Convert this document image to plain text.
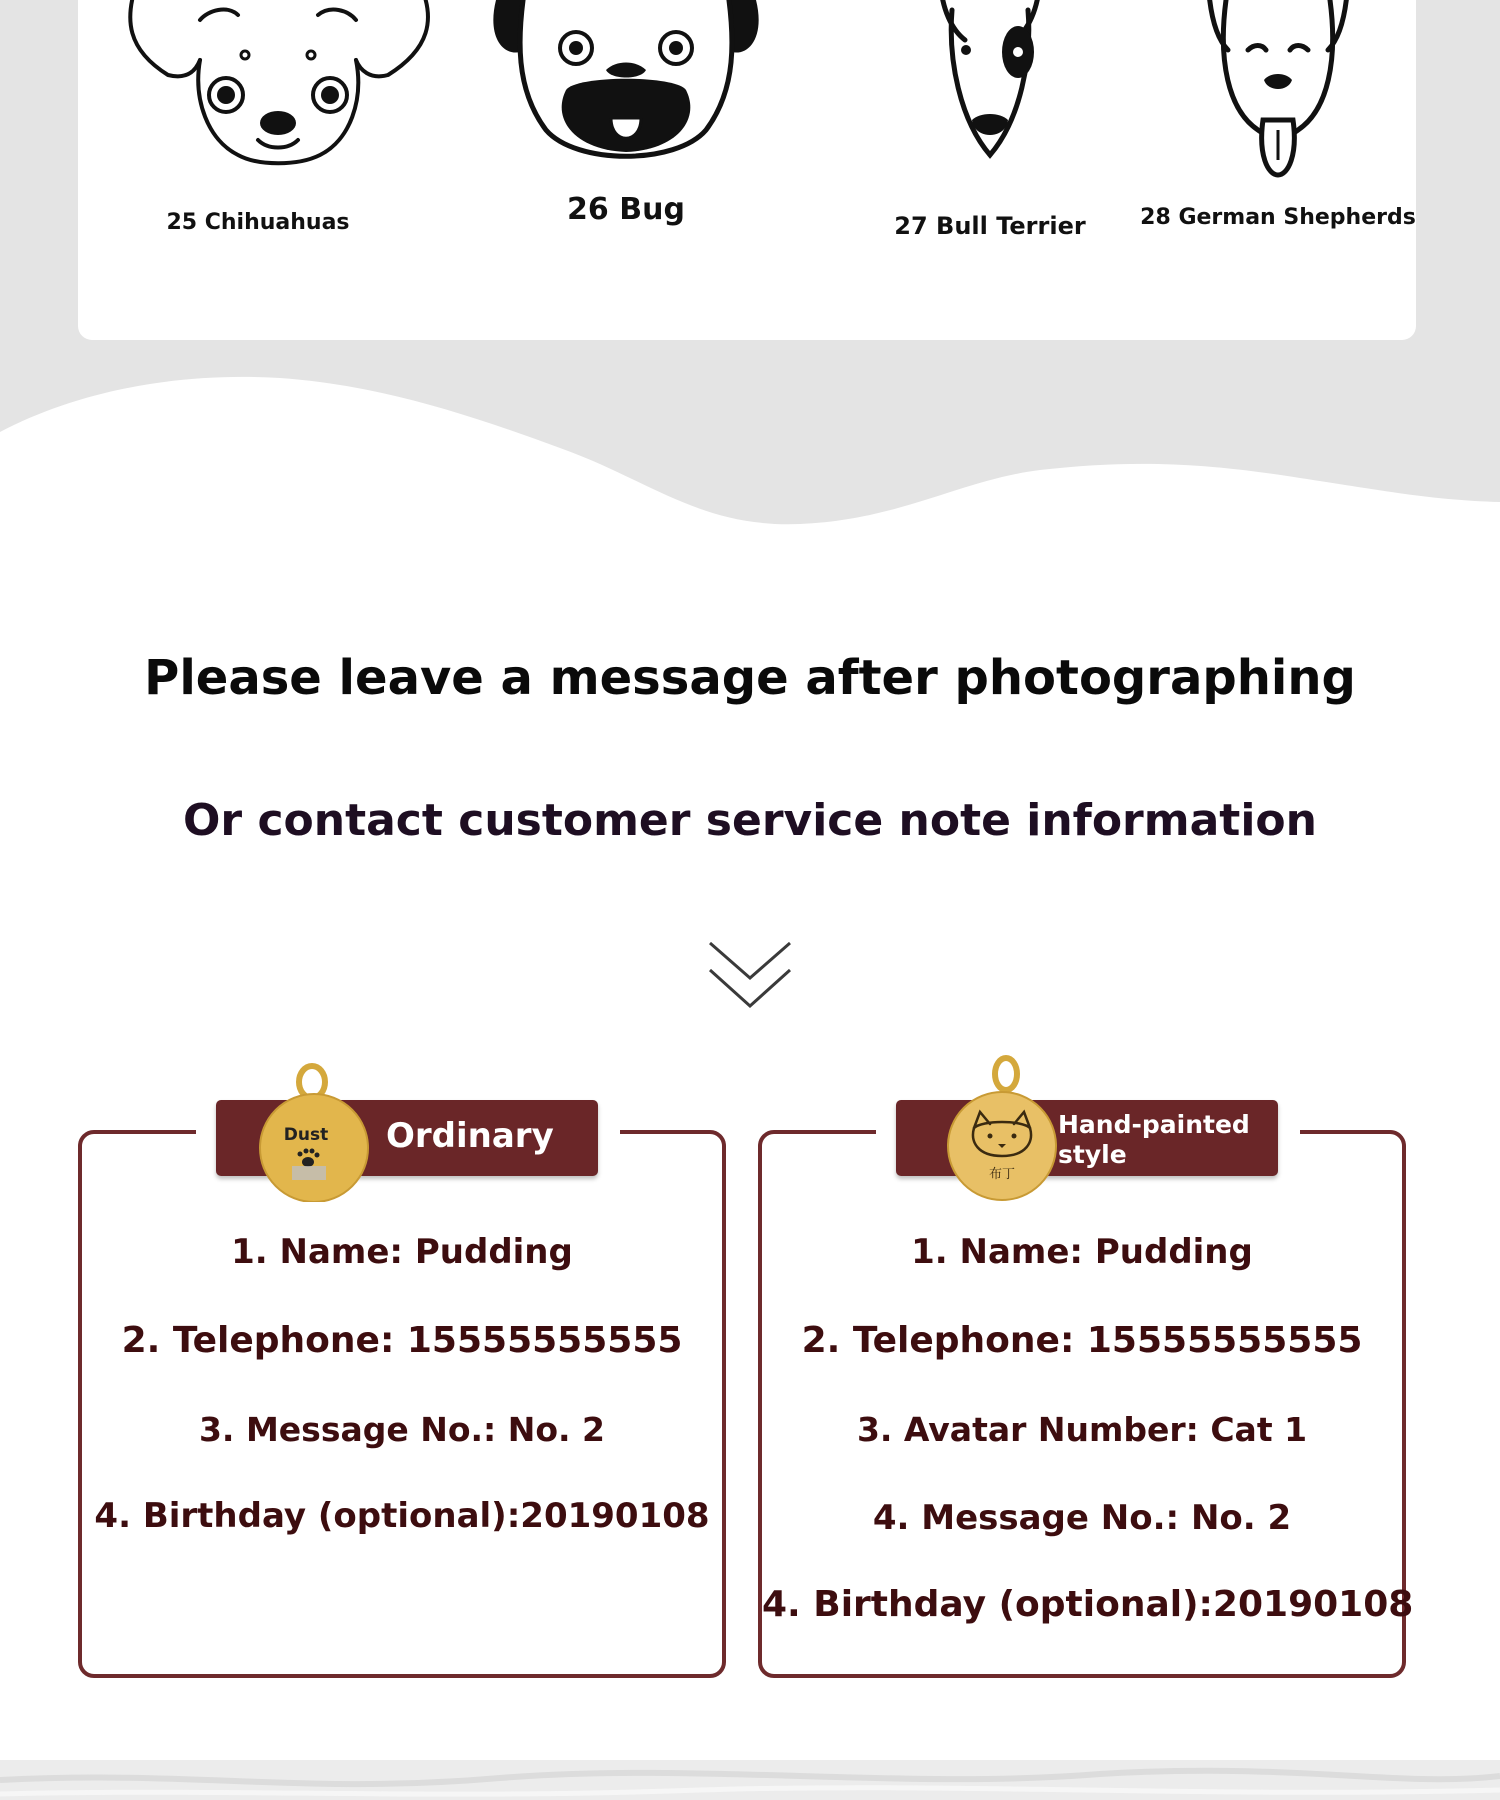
25 Chihuahuas	26 Bug	27 Bull Terrier	28 German Shepherds
Please leave a message after photographing
Or contact customer service note information
1. Name: Pudding
2. Telephone: 15555555555
3. Message No.: No. 2
4. Birthday (optional):20190108
Ordinary
Dust
1. Name: Pudding
2. Telephone: 15555555555
3. Avatar Number: Cat 1
4. Message No.: No. 2
4. Birthday (optional):20190108
Hand-painted
style
布丁
